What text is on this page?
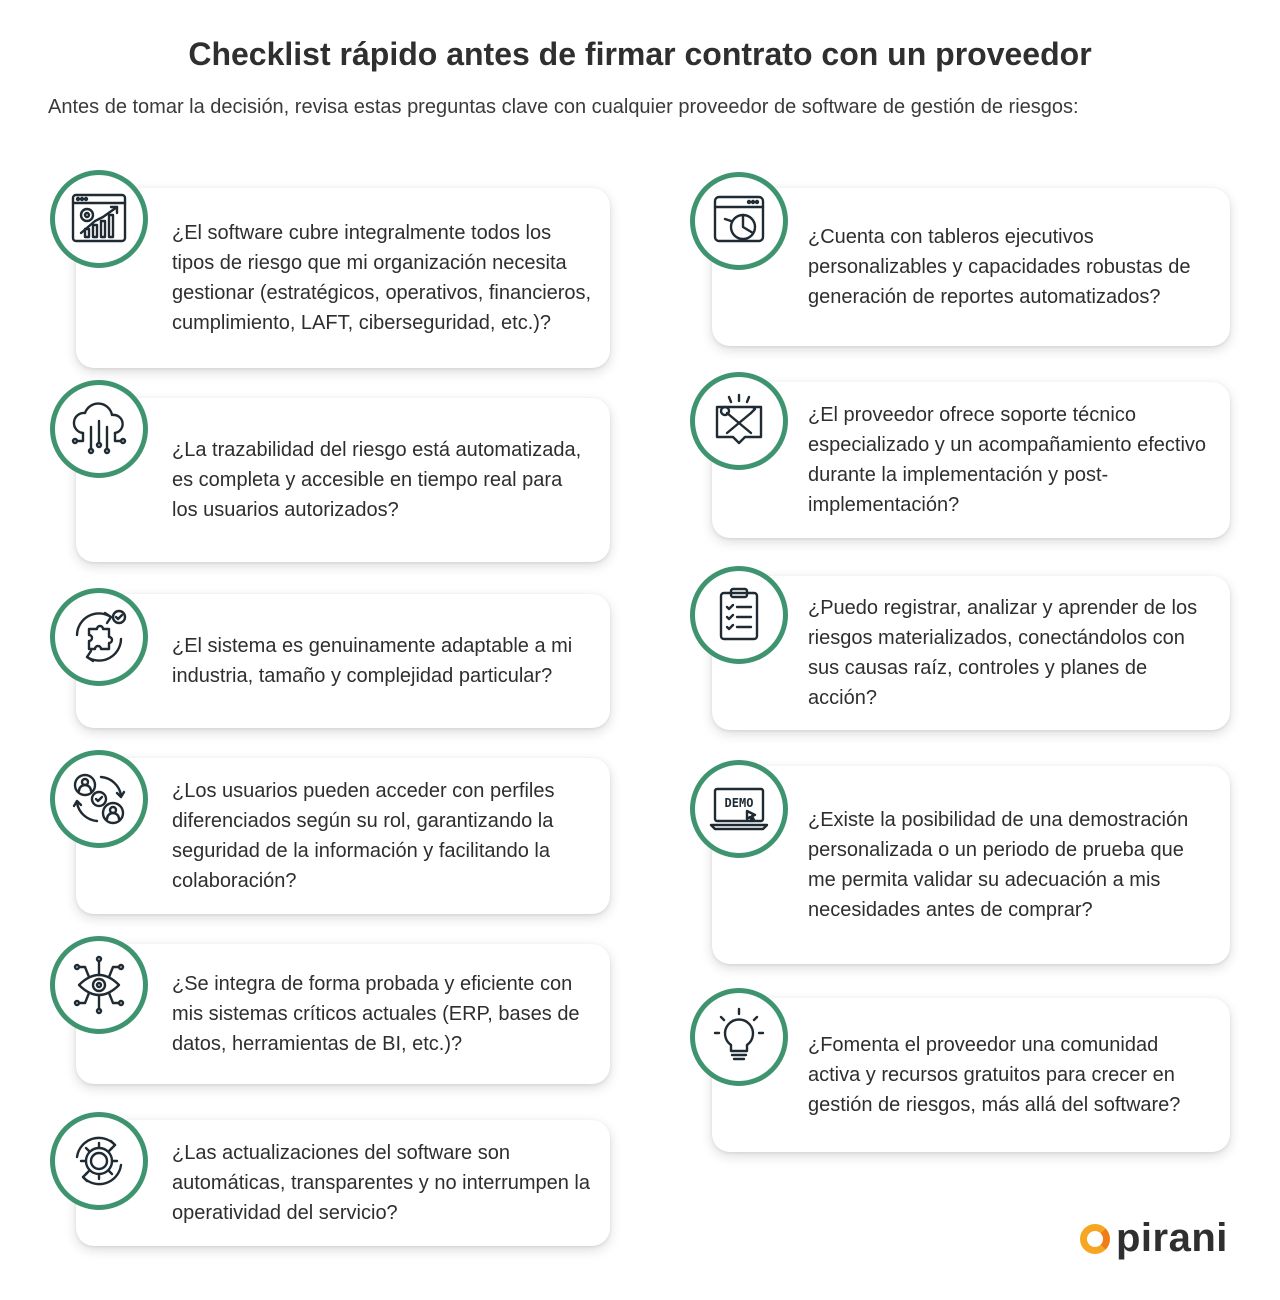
Checklist rápido antes de firmar contrato con un proveedor

Antes de tomar la decisión, revisa estas preguntas clave con cualquier proveedor de software de gestión de riesgos:

¿El software cubre integralmente todos los tipos de riesgo que mi organización necesita gestionar (estratégicos, operativos, financieros, cumplimiento, LAFT, ciberseguridad, etc.)?

¿La trazabilidad del riesgo está automatizada, es completa y accesible en tiempo real para los usuarios autorizados?

¿El sistema es genuinamente adaptable a mi industria, tamaño y complejidad particular?

¿Los usuarios pueden acceder con perfiles diferenciados según su rol, garantizando la seguridad de la información y facilitando la colaboración?

¿Se integra de forma probada y eficiente con mis sistemas críticos actuales (ERP, bases de datos, herramientas de BI, etc.)?

¿Las actualizaciones del software son automáticas, transparentes y no interrumpen la operatividad del servicio?

¿Cuenta con tableros ejecutivos personalizables y capacidades robustas de generación de reportes automatizados?

¿El proveedor ofrece soporte técnico especializado y un acompañamiento efectivo durante la implementación y post-implementación?

¿Puedo registrar, analizar y aprender de los riesgos materializados, conectándolos con sus causas raíz, controles y planes de acción?

DEMO

¿Existe la posibilidad de una demostración personalizada o un periodo de prueba que me permita validar su adecuación a mis necesidades antes de comprar?

¿Fomenta el proveedor una comunidad activa y recursos gratuitos para crecer en gestión de riesgos, más allá del software?

pirani
